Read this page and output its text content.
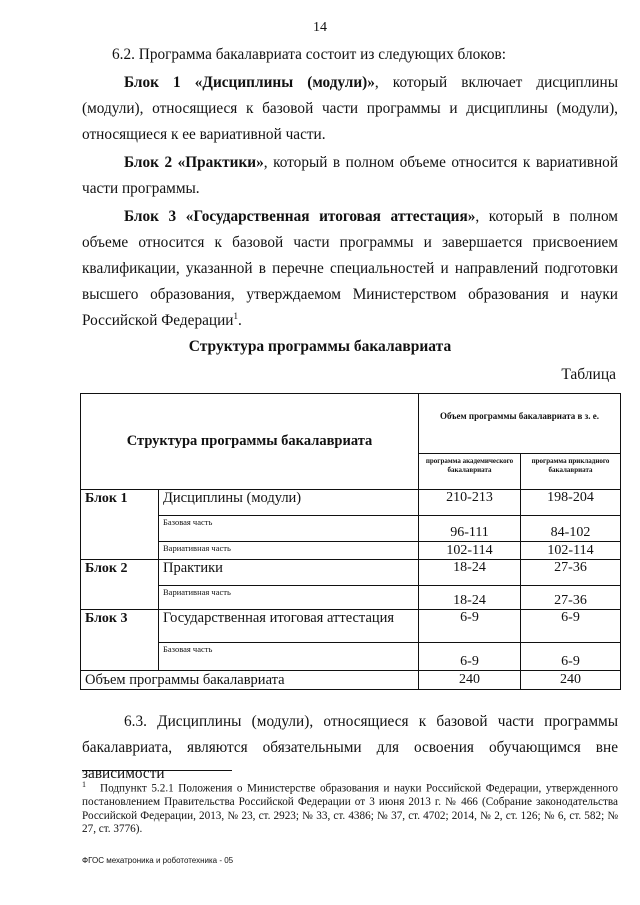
14
6.2. Программа бакалавриата состоит из следующих блоков:
Блок 1 «Дисциплины (модули)», который включает дисциплины (модули), относящиеся к базовой части программы и дисциплины (модули), относящиеся к ее вариативной части.
Блок 2 «Практики», который в полном объеме относится к вариативной части программы.
Блок 3 «Государственная итоговая аттестация», который в полном объеме относится к базовой части программы и завершается присвоением квалификации, указанной в перечне специальностей и направлений подготовки высшего образования, утверждаемом Министерством образования и науки Российской Федерации$^1$.
Структура программы бакалавриата
Таблица
Структура программы бакалавриата		Объем программы бакалавриата в з. е.	
		программа академического бакалавриата	программа прикладного бакалавриата
Блок 1	Дисциплины (модули)	210-213	198-204
	Базовая часть	96-111	84-102
	Вариативная часть	102-114	102-114
Блок 2	Практики	18-24	27-36
	Вариативная часть	18-24	27-36
Блок 3	Государственная итоговая аттестация	6-9	6-9
	Базовая часть	6-9	6-9
Объем программы бакалавриата		240	240
6.3. Дисциплины (модули), относящиеся к базовой части программы бакалавриата, являются обязательными для освоения обучающимся вне зависимости
$^1$ Подпункт 5.2.1 Положения о Министерстве образования и науки Российской Федерации, утвержденного постановлением Правительства Российской Федерации от 3 июня 2013 г. № 466 (Собрание законодательства Российской Федерации, 2013, № 23, ст. 2923; № 33, ст. 4386; № 37, ст. 4702; 2014, № 2, ст. 126; № 6, ст. 582; № 27, ст. 3776).
ФГОС мехатроника и робототехника - 05
